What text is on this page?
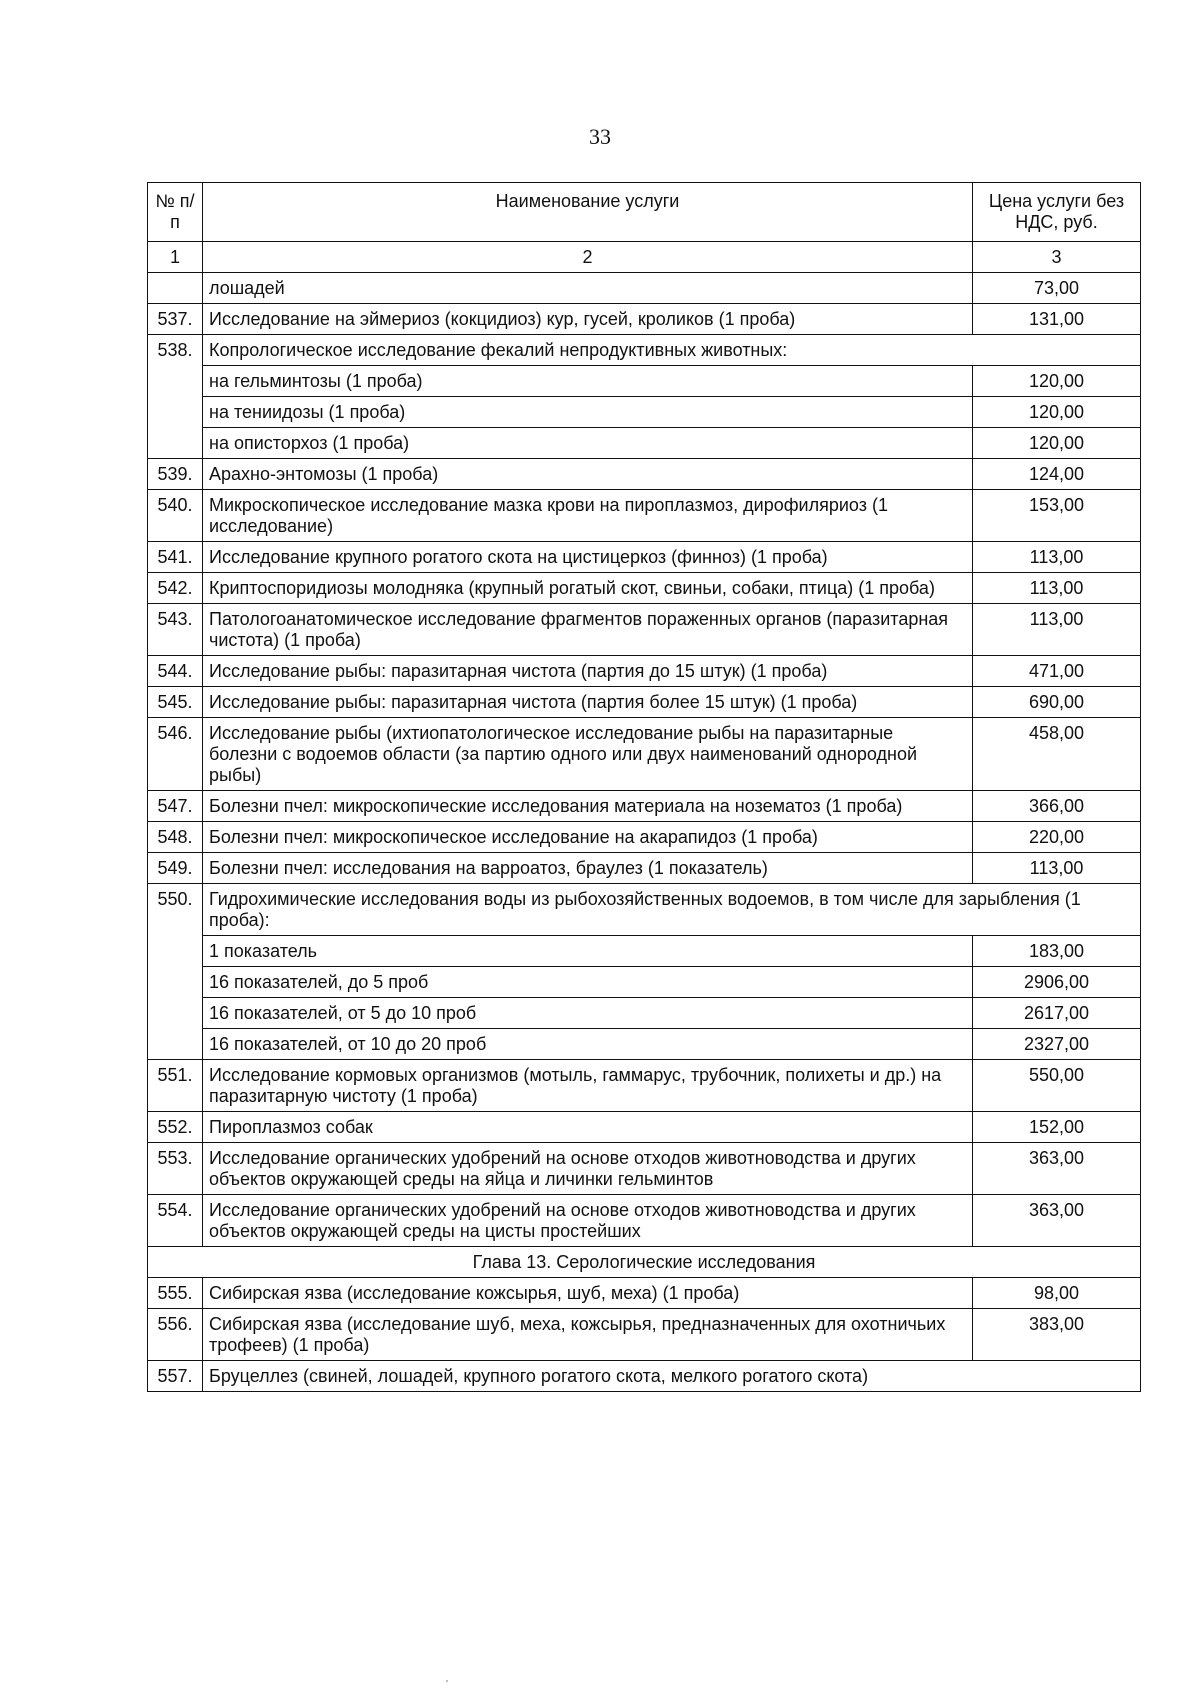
33
№ п/п	Наименование услуги	Цена услуги без НДС, руб.
1	2	3
	лошадей	73,00
537.	Исследование на эймериоз (кокцидиоз) кур, гусей, кроликов (1 проба)	131,00
538.	Копрологическое исследование фекалий непродуктивных животных:	
	на гельминтозы (1 проба)	120,00
	на тениидозы (1 проба)	120,00
	на описторхоз (1 проба)	120,00
539.	Арахно-энтомозы (1 проба)	124,00
540.	Микроскопическое исследование мазка крови на пироплазмоз, дирофиляриоз (1 исследование)	153,00
541.	Исследование крупного рогатого скота на цистицеркоз (финноз) (1 проба)	113,00
542.	Криптоспоридиозы молодняка (крупный рогатый скот, свиньи, собаки, птица) (1 проба)	113,00
543.	Патологоанатомическое исследование фрагментов пораженных органов (паразитарная чистота) (1 проба)	113,00
544.	Исследование рыбы: паразитарная чистота (партия до 15 штук) (1 проба)	471,00
545.	Исследование рыбы: паразитарная чистота (партия более 15 штук) (1 проба)	690,00
546.	Исследование рыбы (ихтиопатологическое исследование рыбы на паразитарные болезни с водоемов области (за партию одного или двух наименований однородной рыбы)	458,00
547.	Болезни пчел: микроскопические исследования материала на нозематоз (1 проба)	366,00
548.	Болезни пчел: микроскопическое исследование на акарапидоз (1 проба)	220,00
549.	Болезни пчел: исследования на варроатоз, браулез (1 показатель)	113,00
550.	Гидрохимические исследования воды из рыбохозяйственных водоемов, в том числе для зарыбления (1 проба):	
	1 показатель	183,00
	16 показателей, до 5 проб	2906,00
	16 показателей, от 5 до 10 проб	2617,00
	16 показателей, от 10 до 20 проб	2327,00
551.	Исследование кормовых организмов (мотыль, гаммарус, трубочник, полихеты и др.) на паразитарную чистоту (1 проба)	550,00
552.	Пироплазмоз собак	152,00
553.	Исследование органических удобрений на основе отходов животноводства и других объектов окружающей среды на яйца и личинки гельминтов	363,00
554.	Исследование органических удобрений на основе отходов животноводства и других объектов окружающей среды на цисты простейших	363,00
Глава 13. Серологические исследования		
555.	Сибирская язва (исследование кожсырья, шуб, меха) (1 проба)	98,00
556.	Сибирская язва (исследование шуб, меха, кожсырья, предназначенных для охотничьих трофеев) (1 проба)	383,00
557.	Бруцеллез (свиней, лошадей, крупного рогатого скота, мелкого рогатого скота)	
